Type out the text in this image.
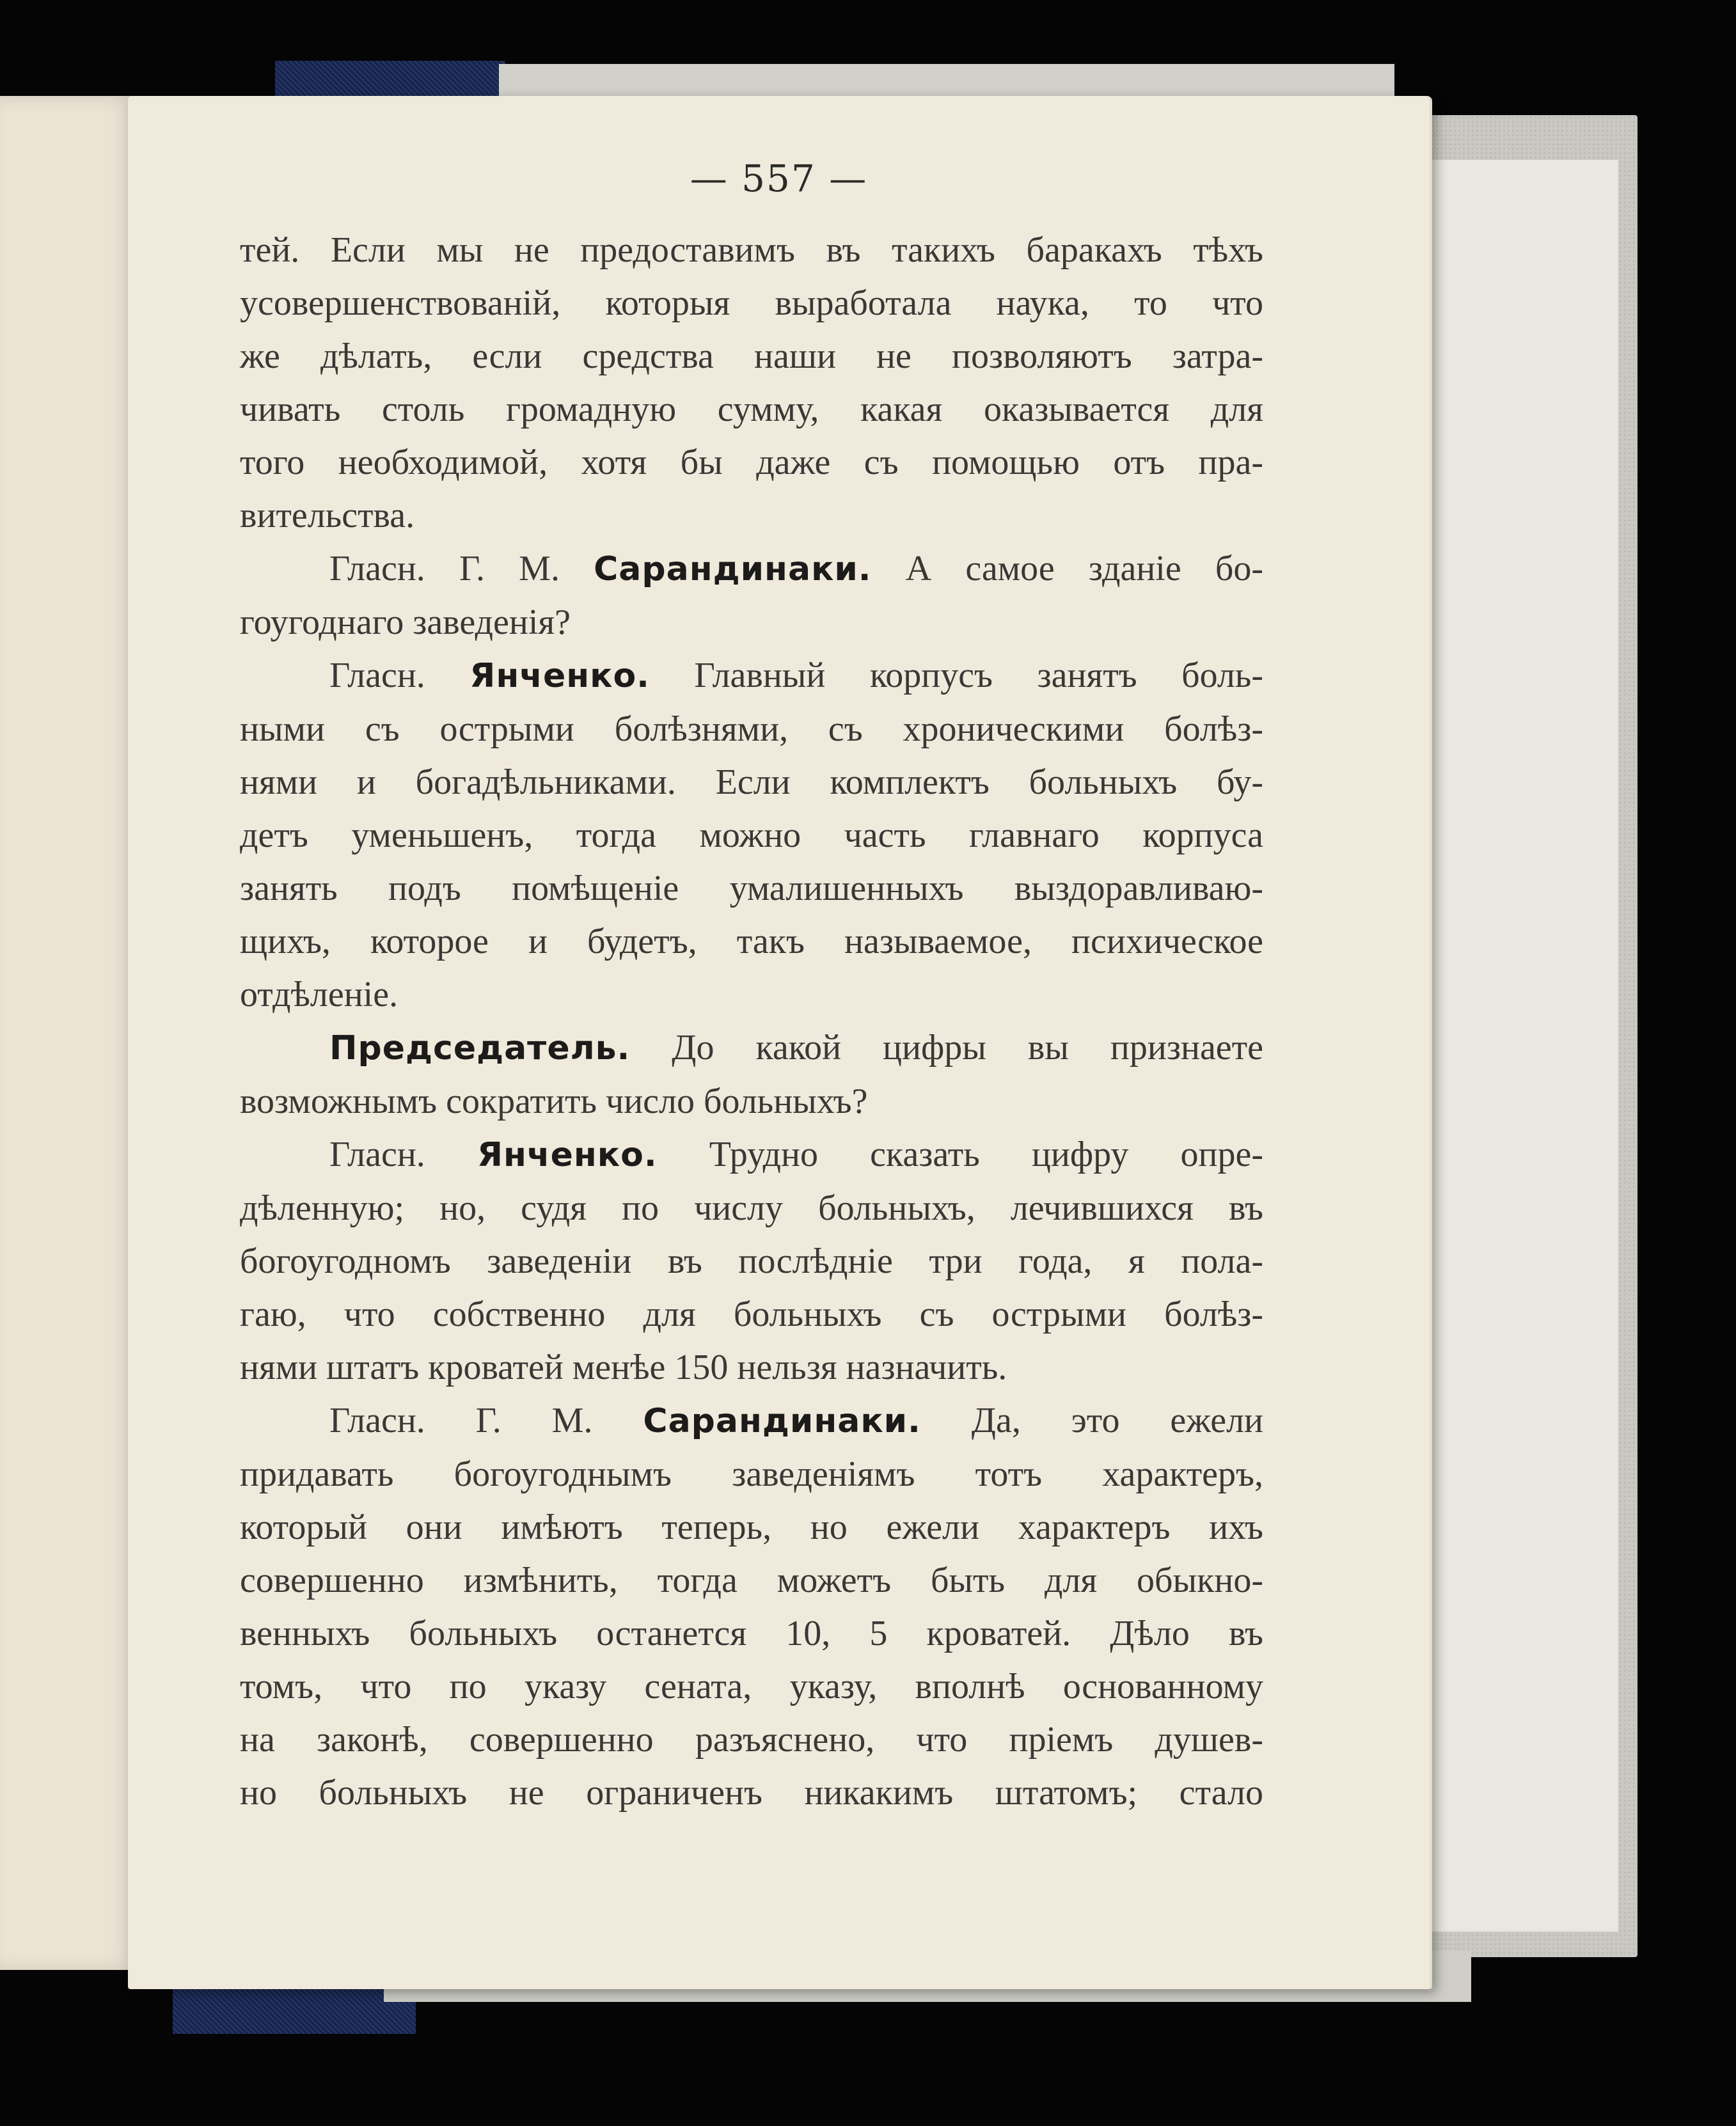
— 557 —
тей. Если мы не предоставимъ въ такихъ баракахъ тѣхъ
усовершенствованій, которыя выработала наука, то что
же дѣлать, если средства наши не позволяютъ затра-
чивать столь громадную сумму, какая оказывается для
того необходимой, хотя бы даже съ помощью отъ пра-
вительства.
Гласн. Г. М. Сарандинаки. А самое зданіе бо-
гоугоднаго заведенія?
Гласн. Янченко. Главный корпусъ занятъ боль-
ными съ острыми болѣзнями, съ хроническими болѣз-
нями и богадѣльниками. Если комплектъ больныхъ бу-
детъ уменьшенъ, тогда можно часть главнаго корпуса
занять подъ помѣщеніе умалишенныхъ выздоравливаю-
щихъ, которое и будетъ, такъ называемое, психическое
отдѣленіе.
Председатель. До какой цифры вы признаете
возможнымъ сократить число больныхъ?
Гласн. Янченко. Трудно сказать цифру опре-
дѣленную; но, судя по числу больныхъ, лечившихся въ
богоугодномъ заведеніи въ послѣдніе три года, я пола-
гаю, что собственно для больныхъ съ острыми болѣз-
нями штатъ кроватей менѣе 150 нельзя назначить.
Гласн. Г. М. Сарандинаки. Да, это ежели
придавать богоугоднымъ заведеніямъ тотъ характеръ,
который они имѣютъ теперь, но ежели характеръ ихъ
совершенно измѣнить, тогда можетъ быть для обыкно-
венныхъ больныхъ останется 10, 5 кроватей. Дѣло въ
томъ, что по указу сената, указу, вполнѣ основанному
на законѣ, совершенно разъяснено, что пріемъ душев-
но больныхъ не ограниченъ никакимъ штатомъ; стало
